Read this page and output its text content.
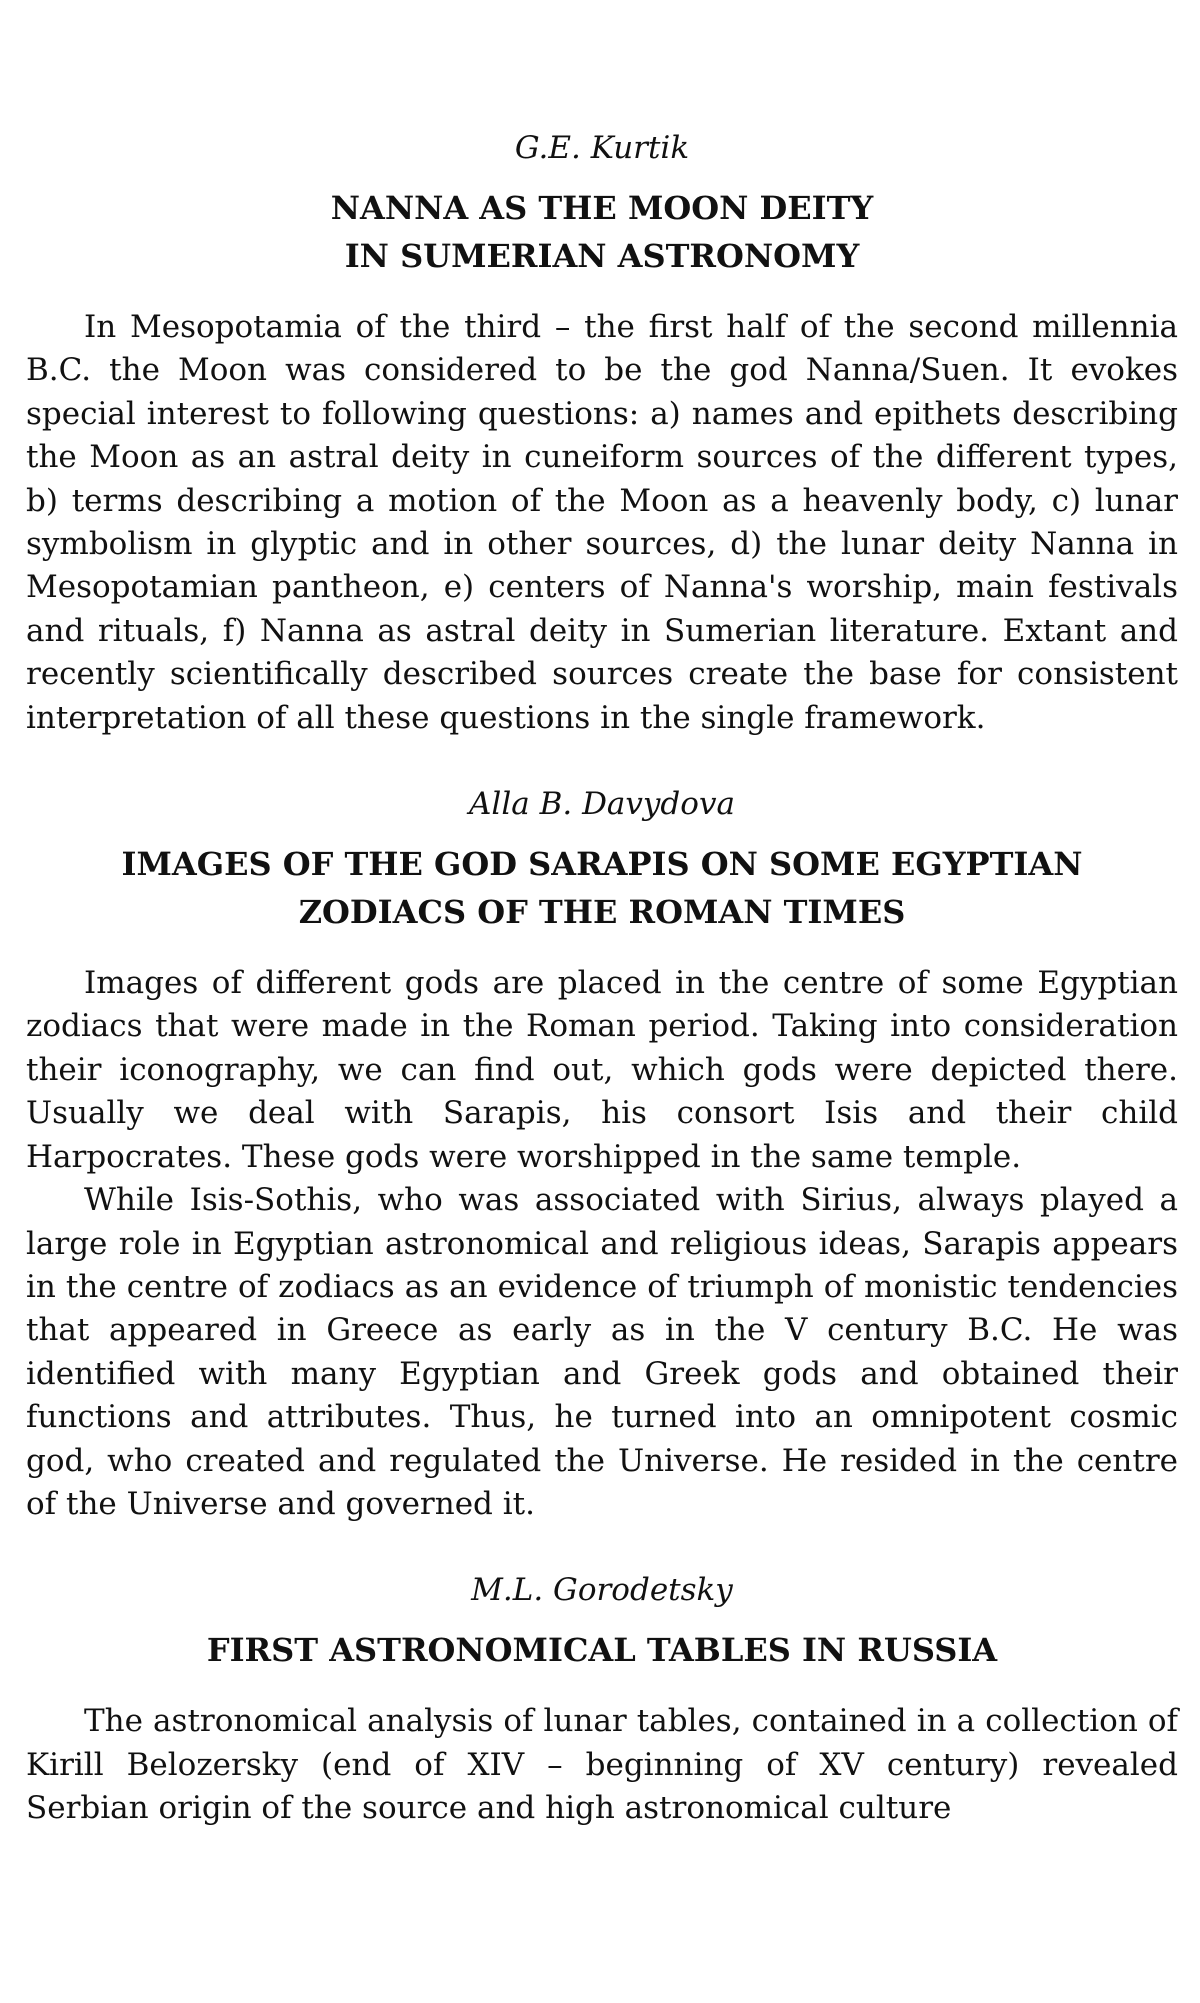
G.E. Kurtik
NANNA AS THE MOON DEITY
IN SUMERIAN ASTRONOMY

In Mesopotamia of the third – the first half of the second millennia B.C. the Moon was considered to be the god Nanna/Suen. It evokes special interest to following questions: a) names and epithets describing the Moon as an astral deity in cuneiform sources of the different types, b) terms describing a motion of the Moon as a heavenly body, c) lunar symbolism in glyptic and in other sources, d) the lunar deity Nanna in Mesopotamian pantheon, e) centers of Nanna's worship, main festivals and rituals, f) Nanna as astral deity in Sumerian literature. Extant and recently scientifically described sources create the base for consistent interpretation of all these questions in the single framework.

Alla B. Davydova
IMAGES OF THE GOD SARAPIS ON SOME EGYPTIAN
ZODIACS OF THE ROMAN TIMES

Images of different gods are placed in the centre of some Egyptian zodiacs that were made in the Roman period. Taking into consideration their iconography, we can find out, which gods were depicted there. Usually we deal with Sarapis, his consort Isis and their child Harpocrates. These gods were worshipped in the same temple.

While Isis-Sothis, who was associated with Sirius, always played a large role in Egyptian astronomical and religious ideas, Sarapis appears in the centre of zodiacs as an evidence of triumph of monistic tendencies that appeared in Greece as early as in the V century B.C. He was identified with many Egyptian and Greek gods and obtained their functions and attributes. Thus, he turned into an omnipotent cosmic god, who created and regulated the Universe. He resided in the centre of the Universe and governed it.

M.L. Gorodetsky
FIRST ASTRONOMICAL TABLES IN RUSSIA

The astronomical analysis of lunar tables, contained in a collection of Kirill Belozersky (end of XIV – beginning of XV century) revealed Serbian origin of the source and high astronomical culture
